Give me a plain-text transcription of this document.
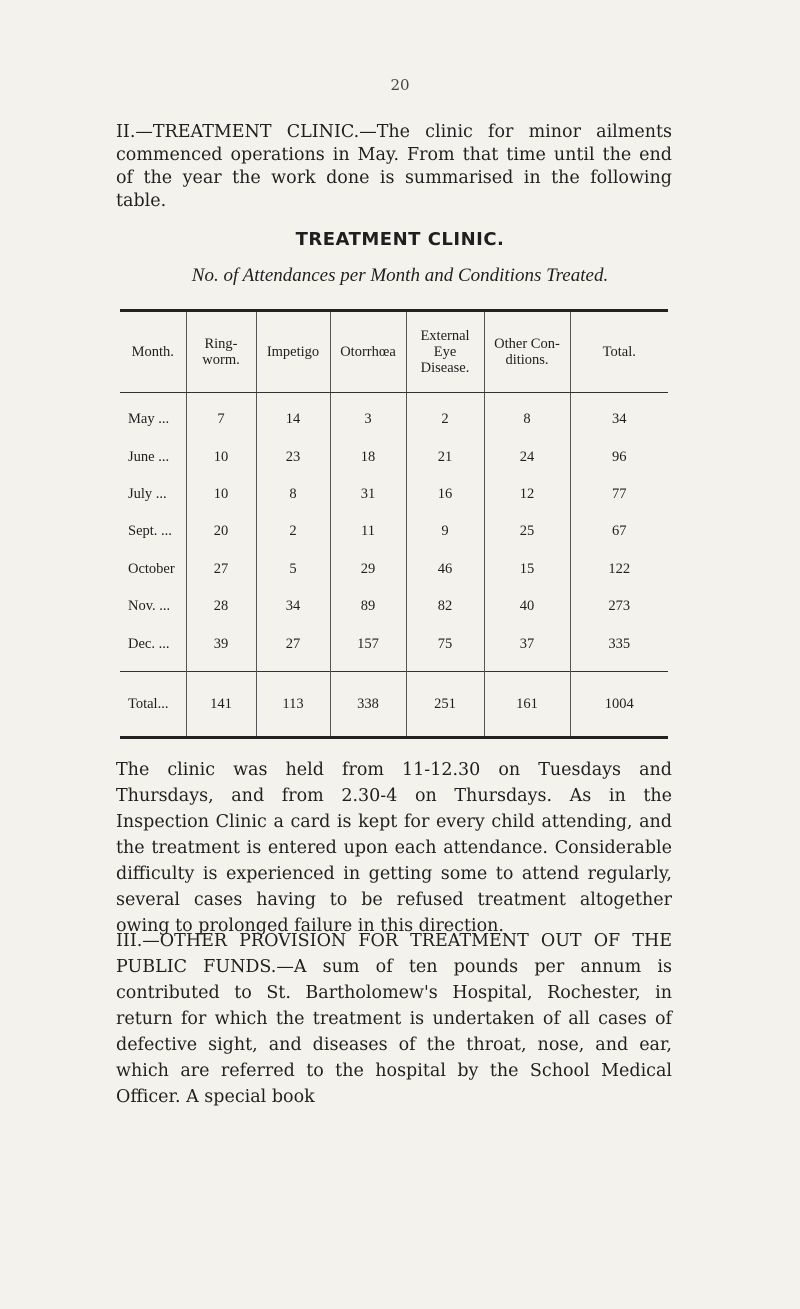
20

II.—TREATMENT CLINIC.—The clinic for minor ailments commenced operations in May. From that time until the end of the year the work done is summarised in the following table.

TREATMENT CLINIC.
No. of Attendances per Month and Conditions Treated.
Month.	Ring-worm.	Impetigo	Otorrhœa	External Eye Disease.	Other Con-ditions.	Total.
May ...	7	14	3	2	8	34
June ...	10	23	18	21	24	96
July ...	10	8	31	16	12	77
Sept. ...	20	2	11	9	25	67
October	27	5	29	46	15	122
Nov. ...	28	34	89	82	40	273
Dec. ...	39	27	157	75	37	335
Total...	141	113	338	251	161	1004

The clinic was held from 11-12.30 on Tuesdays and Thursdays, and from 2.30-4 on Thursdays. As in the Inspection Clinic a card is kept for every child attending, and the treatment is entered upon each attendance. Considerable difficulty is experienced in getting some to attend regularly, several cases having to be refused treatment altogether owing to prolonged failure in this direction.

III.—OTHER PROVISION FOR TREATMENT OUT OF THE PUBLIC FUNDS.—A sum of ten pounds per annum is contributed to St. Bartholomew's Hospital, Rochester, in return for which the treatment is undertaken of all cases of defective sight, and diseases of the throat, nose, and ear, which are referred to the hospital by the School Medical Officer. A special book
